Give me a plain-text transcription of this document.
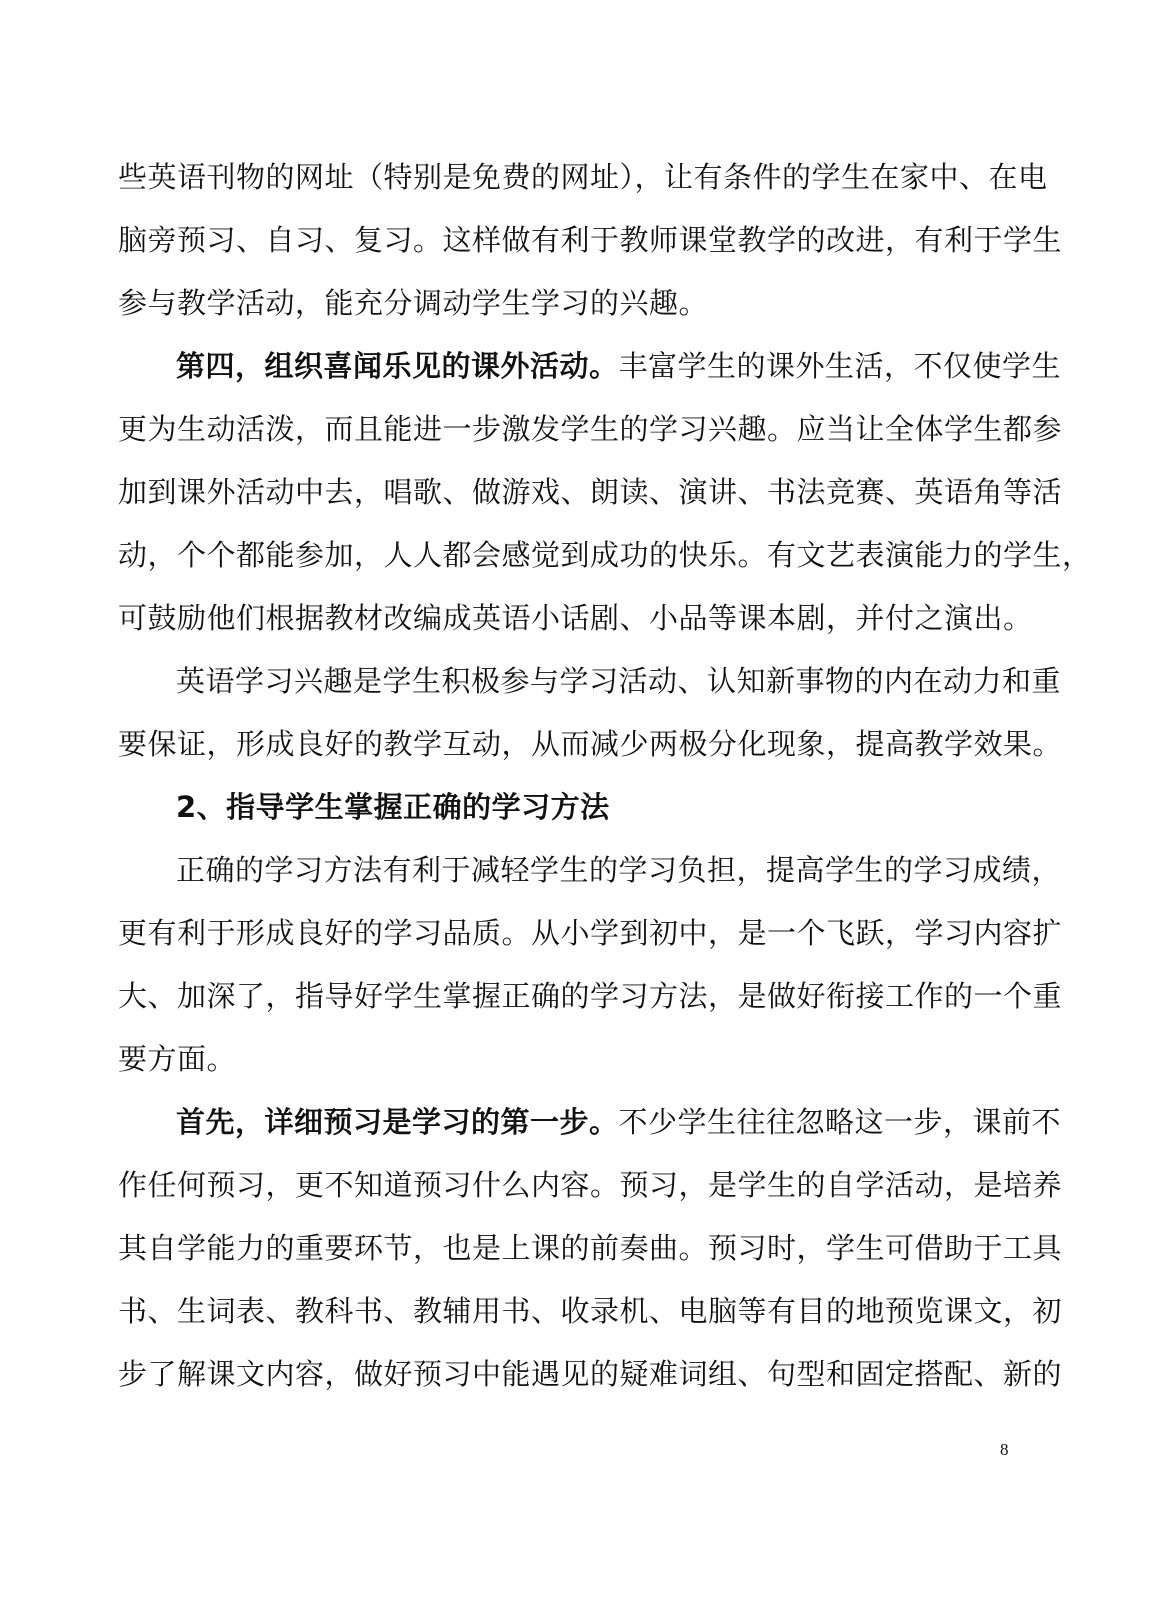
些英语刊物的网址（特别是免费的网址），让有条件的学生在家中、在电
脑旁预习、自习、复习。这样做有利于教师课堂教学的改进，有利于学生
参与教学活动，能充分调动学生学习的兴趣。
第四，组织喜闻乐见的课外活动。丰富学生的课外生活，不仅使学生
更为生动活泼，而且能进一步激发学生的学习兴趣。应当让全体学生都参
加到课外活动中去，唱歌、做游戏、朗读、演讲、书法竞赛、英语角等活
动，个个都能参加，人人都会感觉到成功的快乐。有文艺表演能力的学生，
可鼓励他们根据教材改编成英语小话剧、小品等课本剧，并付之演出。
英语学习兴趣是学生积极参与学习活动、认知新事物的内在动力和重
要保证，形成良好的教学互动，从而减少两极分化现象，提高教学效果。
2、指导学生掌握正确的学习方法
正确的学习方法有利于减轻学生的学习负担，提高学生的学习成绩，
更有利于形成良好的学习品质。从小学到初中，是一个飞跃，学习内容扩
大、加深了，指导好学生掌握正确的学习方法，是做好衔接工作的一个重
要方面。
首先，详细预习是学习的第一步。不少学生往往忽略这一步，课前不
作任何预习，更不知道预习什么内容。预习，是学生的自学活动，是培养
其自学能力的重要环节，也是上课的前奏曲。预习时，学生可借助于工具
书、生词表、教科书、教辅用书、收录机、电脑等有目的地预览课文，初
步了解课文内容，做好预习中能遇见的疑难词组、句型和固定搭配、新的
8
